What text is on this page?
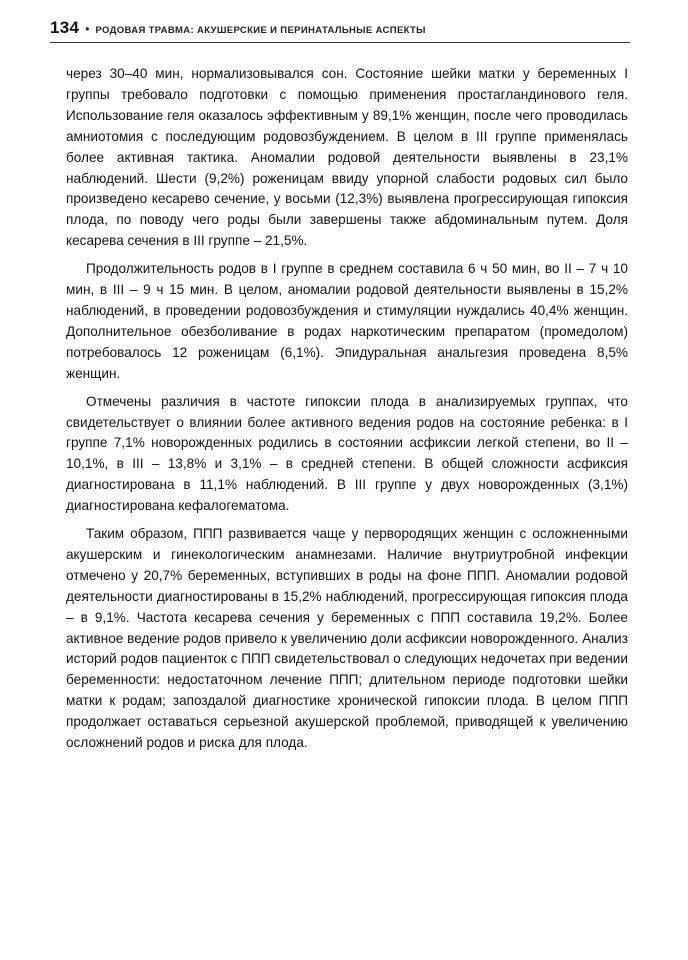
134 • РОДОВАЯ ТРАВМА: АКУШЕРСКИЕ И ПЕРИНАТАЛЬНЫЕ АСПЕКТЫ

через 30–40 мин, нормализовывался сон. Состояние шейки матки у беременных I группы требовало подготовки с помощью применения простагландинового геля. Использование геля оказалось эффективным у 89,1% женщин, после чего проводилась амниотомия с последующим родовозбуждением. В целом в III группе применялась более активная тактика. Аномалии родовой деятельности выявлены в 23,1% наблюдений. Шести (9,2%) роженицам ввиду упорной слабости родовых сил было произведено кесарево сечение, у восьми (12,3%) выявлена прогрессирующая гипоксия плода, по поводу чего роды были завершены также абдоминальным путем. Доля кесарева сечения в III группе – 21,5%.

Продолжительность родов в I группе в среднем составила 6 ч 50 мин, во II – 7 ч 10 мин, в III – 9 ч 15 мин. В целом, аномалии родовой деятельности выявлены в 15,2% наблюдений, в проведении родовозбуждения и стимуляции нуждались 40,4% женщин. Дополнительное обезболивание в родах наркотическим препаратом (промедолом) потребовалось 12 роженицам (6,1%). Эпидуральная анальгезия проведена 8,5% женщин.

Отмечены различия в частоте гипоксии плода в анализируемых группах, что свидетельствует о влиянии более активного ведения родов на состояние ребенка: в I группе 7,1% новорожденных родились в состоянии асфиксии легкой степени, во II – 10,1%, в III – 13,8% и 3,1% – в средней степени. В общей сложности асфиксия диагностирована в 11,1% наблюдений. В III группе у двух новорожденных (3,1%) диагностирована кефалогематома.

Таким образом, ППП развивается чаще у первородящих женщин с осложненными акушерским и гинекологическим анамнезами. Наличие внутриутробной инфекции отмечено у 20,7% беременных, вступивших в роды на фоне ППП. Аномалии родовой деятельности диагностированы в 15,2% наблюдений, прогрессирующая гипоксия плода – в 9,1%. Частота кесарева сечения у беременных с ППП составила 19,2%. Более активное ведение родов привело к увеличению доли асфиксии новорожденного. Анализ историй родов пациенток с ППП свидетельствовал о следующих недочетах при ведении беременности: недостаточном лечение ППП; длительном периоде подготовки шейки матки к родам; запоздалой диагностике хронической гипоксии плода. В целом ППП продолжает оставаться серьезной акушерской проблемой, приводящей к увеличению осложнений родов и риска для плода.
